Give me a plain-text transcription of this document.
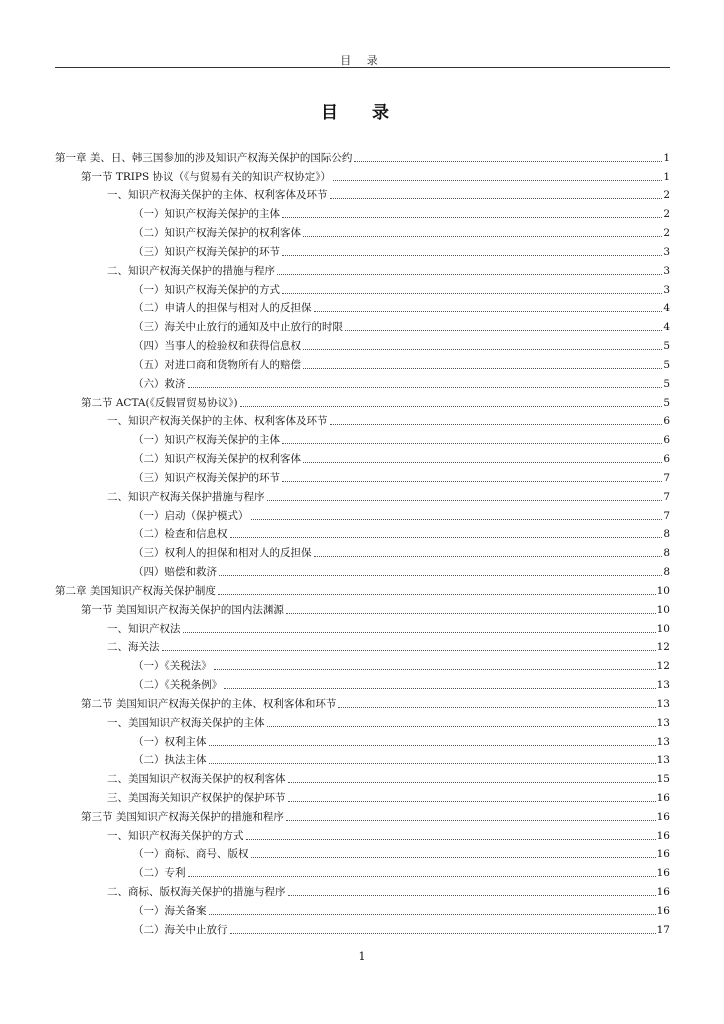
目 录
目 录
第一章 美、日、韩三国参加的涉及知识产权海关保护的国际公约	1
第一节 TRIPS 协议（《与贸易有关的知识产权协定》）	1
一、知识产权海关保护的主体、权利客体及环节	2
（一）知识产权海关保护的主体	2
（二）知识产权海关保护的权利客体	2
（三）知识产权海关保护的环节	3
二、知识产权海关保护的措施与程序	3
（一）知识产权海关保护的方式	3
（二）申请人的担保与相对人的反担保	4
（三）海关中止放行的通知及中止放行的时限	4
（四）当事人的检验权和获得信息权	5
（五）对进口商和货物所有人的赔偿	5
（六）救济	5
第二节 ACTA(《反假冒贸易协议》)	5
一、知识产权海关保护的主体、权利客体及环节	6
（一）知识产权海关保护的主体	6
（二）知识产权海关保护的权利客体	6
（三）知识产权海关保护的环节	7
二、知识产权海关保护措施与程序	7
（一）启动（保护模式）	7
（二）检查和信息权	8
（三）权利人的担保和相对人的反担保	8
（四）赔偿和救济	8
第二章 美国知识产权海关保护制度	10
第一节 美国知识产权海关保护的国内法渊源	10
一、知识产权法	10
二、海关法	12
（一）《关税法》	12
（二）《关税条例》	13
第二节 美国知识产权海关保护的主体、权利客体和环节	13
一、美国知识产权海关保护的主体	13
（一）权利主体	13
（二）执法主体	13
二、美国知识产权海关保护的权利客体	15
三、美国海关知识产权保护的保护环节	16
第三节 美国知识产权海关保护的措施和程序	16
一、知识产权海关保护的方式	16
（一）商标、商号、版权	16
（二）专利	16
二、商标、版权海关保护的措施与程序	16
（一）海关备案	16
（二）海关中止放行	17
1
